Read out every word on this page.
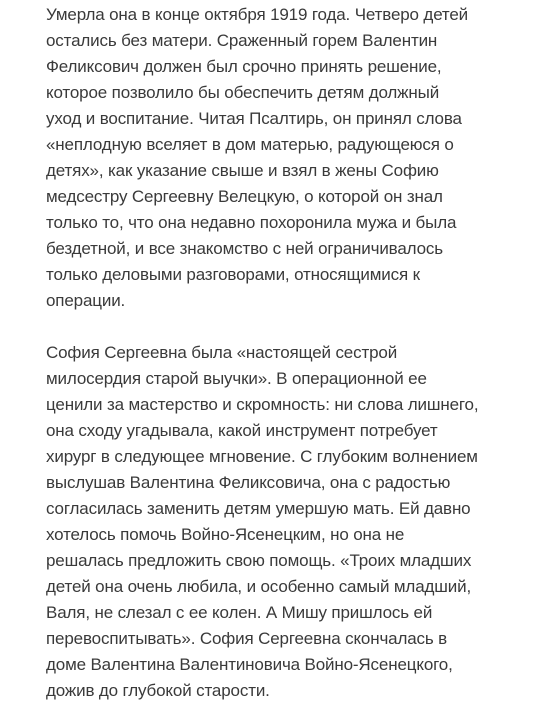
Умерла она в конце октября 1919 года. Четверо детей
остались без матери. Сраженный горем Валентин
Феликсович должен был срочно принять решение,
которое позволило бы обеспечить детям должный
уход и воспитание. Читая Псалтирь, он принял слова
«неплодную вселяет в дом матерью, радующеюся о
детях», как указание свыше и взял в жены Софию
медсестру Сергеевну Велецкую, о которой он знал
только то, что она недавно похоронила мужа и была
бездетной, и все знакомство с ней ограничивалось
только деловыми разговорами, относящимися к
операции.

София Сергеевна была «настоящей сестрой
милосердия старой выучки». В операционной ее
ценили за мастерство и скромность: ни слова лишнего,
она сходу угадывала, какой инструмент потребует
хирург в следующее мгновение. С глубоким волнением
выслушав Валентина Феликсовича, она с радостью
согласилась заменить детям умершую мать. Ей давно
хотелось помочь Войно-Ясенецким, но она не
решалась предложить свою помощь. «Троих младших
детей она очень любила, и особенно самый младший,
Валя, не слезал с ее колен. А Мишу пришлось ей
перевоспитывать». София Сергеевна скончалась в
доме Валентина Валентиновича Войно-Ясенецкого,
дожив до глубокой старости.
